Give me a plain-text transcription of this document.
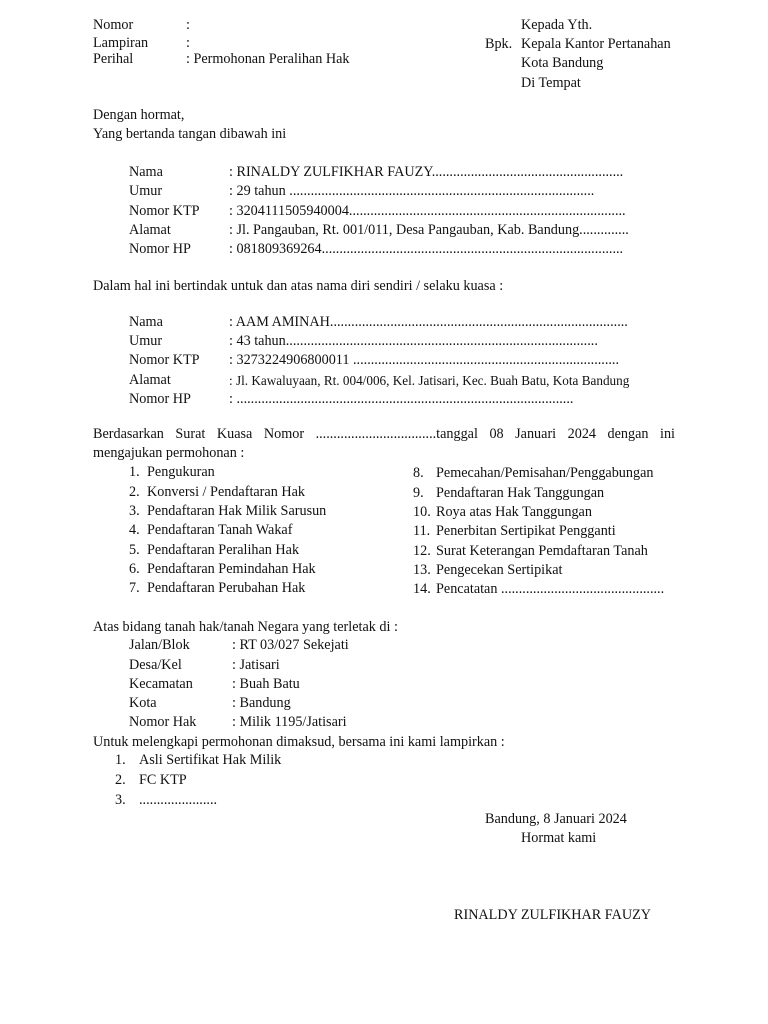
Nomor	:
Lampiran	:
Perihal	: Permohonan Peralihan Hak
Kepada Yth.
Bpk. Kepala Kantor Pertanahan
Kota Bandung
Di Tempat
Dengan hormat,
Yang bertanda tangan dibawah ini
Nama	: RINALDY ZULFIKHAR FAUZY......................................................
Umur	: 29 tahun ......................................................................................
Nomor KTP : 3204111505940004..............................................................................
Alamat	: Jl. Pangauban, Rt. 001/011, Desa Pangauban, Kab. Bandung..............
Nomor HP	: 081809369264.....................................................................................
Dalam hal ini bertindak untuk dan atas nama diri sendiri / selaku kuasa :
Nama	: AAM AMINAH....................................................................................
Umur	: 43 tahun........................................................................................
Nomor KTP : 3273224906800011 ...........................................................................
Alamat	: Jl. Kawaluyaan, Rt. 004/006, Kel. Jatisari, Kec. Buah Batu, Kota Bandung
Nomor HP	: ...............................................................................................
Berdasarkan Surat Kuasa Nomor ..................................tanggal 08 Januari 2024 dengan ini
mengajukan permohonan :
1. Pengukuran
2. Konversi / Pendaftaran Hak
3. Pendaftaran Hak Milik Sarusun
4. Pendaftaran Tanah Wakaf
5. Pendaftaran Peralihan Hak
6. Pendaftaran Pemindahan Hak
7. Pendaftaran Perubahan Hak
8. Pemecahan/Pemisahan/Penggabungan
9. Pendaftaran Hak Tanggungan
10. Roya atas Hak Tanggungan
11. Penerbitan Sertipikat Pengganti
12. Surat Keterangan Pemdaftaran Tanah
13. Pengecekan Sertipikat
14. Pencatatan ..............................................
Atas bidang tanah hak/tanah Negara yang terletak di :
Jalan/Blok	: RT 03/027 Sekejati
Desa/Kel	: Jatisari
Kecamatan	: Buah Batu
Kota	: Bandung
Nomor Hak	: Milik 1195/Jatisari
Untuk melengkapi permohonan dimaksud, bersama ini kami lampirkan :
1. Asli Sertifikat Hak Milik
2. FC KTP
3. ......................
Bandung, 8 Januari 2024
Hormat kami
RINALDY ZULFIKHAR FAUZY
